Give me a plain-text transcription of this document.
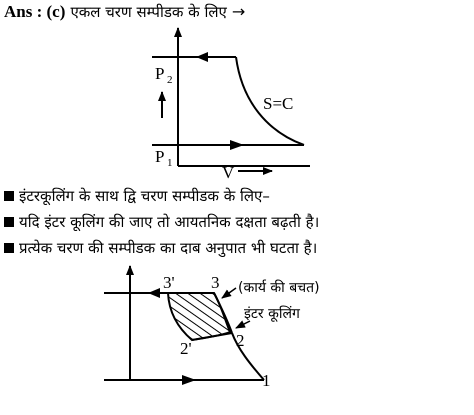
Ans : (c) एकल चरण सम्पीडक के लिए →
P 2
P 1
S=C
V
3' 3
2'	2
1
(कार्य की बचत)
इंटर कूलिंग
इंटरकूलिंग के साथ द्वि चरण सम्पीडक के लिए–
यदि इंटर कूलिंग की जाए तो आयतनिक दक्षता बढ़ती है।
प्रत्येक चरण की सम्पीडक का दाब अनुपात भी घटता है।
